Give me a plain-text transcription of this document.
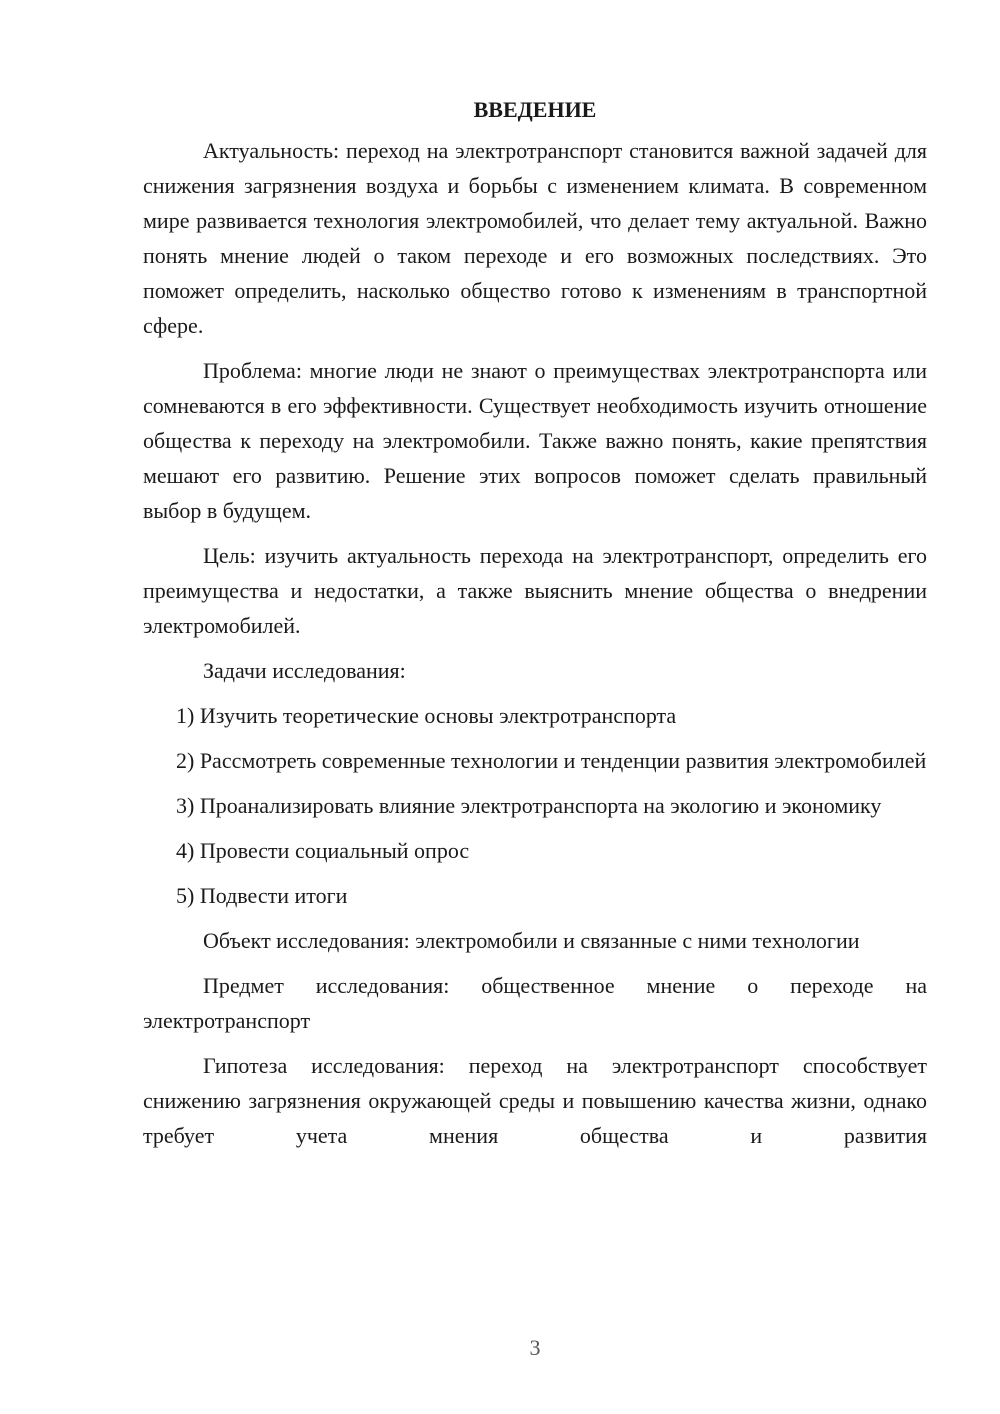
ВВЕДЕНИЕ

Актуальность: переход на электротранспорт становится важной задачей для снижения загрязнения воздуха и борьбы с изменением климата. В современном мире развивается технология электромобилей, что делает тему актуальной. Важно понять мнение людей о таком переходе и его возможных последствиях. Это поможет определить, насколько общество готово к изменениям в транспортной сфере.

Проблема: многие люди не знают о преимуществах электротранспорта или сомневаются в его эффективности. Существует необходимость изучить отношение общества к переходу на электромобили. Также важно понять, какие препятствия мешают его развитию. Решение этих вопросов поможет сделать правильный выбор в будущем.

Цель: изучить актуальность перехода на электротранспорт, определить его преимущества и недостатки, а также выяснить мнение общества о внедрении электромобилей.

Задачи исследования:

1) Изучить теоретические основы электротранспорта

2) Рассмотреть современные технологии и тенденции развития электромобилей

3) Проанализировать влияние электротранспорта на экологию и экономику

4) Провести социальный опрос

5) Подвести итоги

Объект исследования: электромобили и связанные с ними технологии

Предмет исследования: общественное мнение о переходе на электротранспорт

Гипотеза исследования: переход на электротранспорт способствует снижению загрязнения окружающей среды и повышению качества жизни, однако требует учета мнения общества и развития

3
